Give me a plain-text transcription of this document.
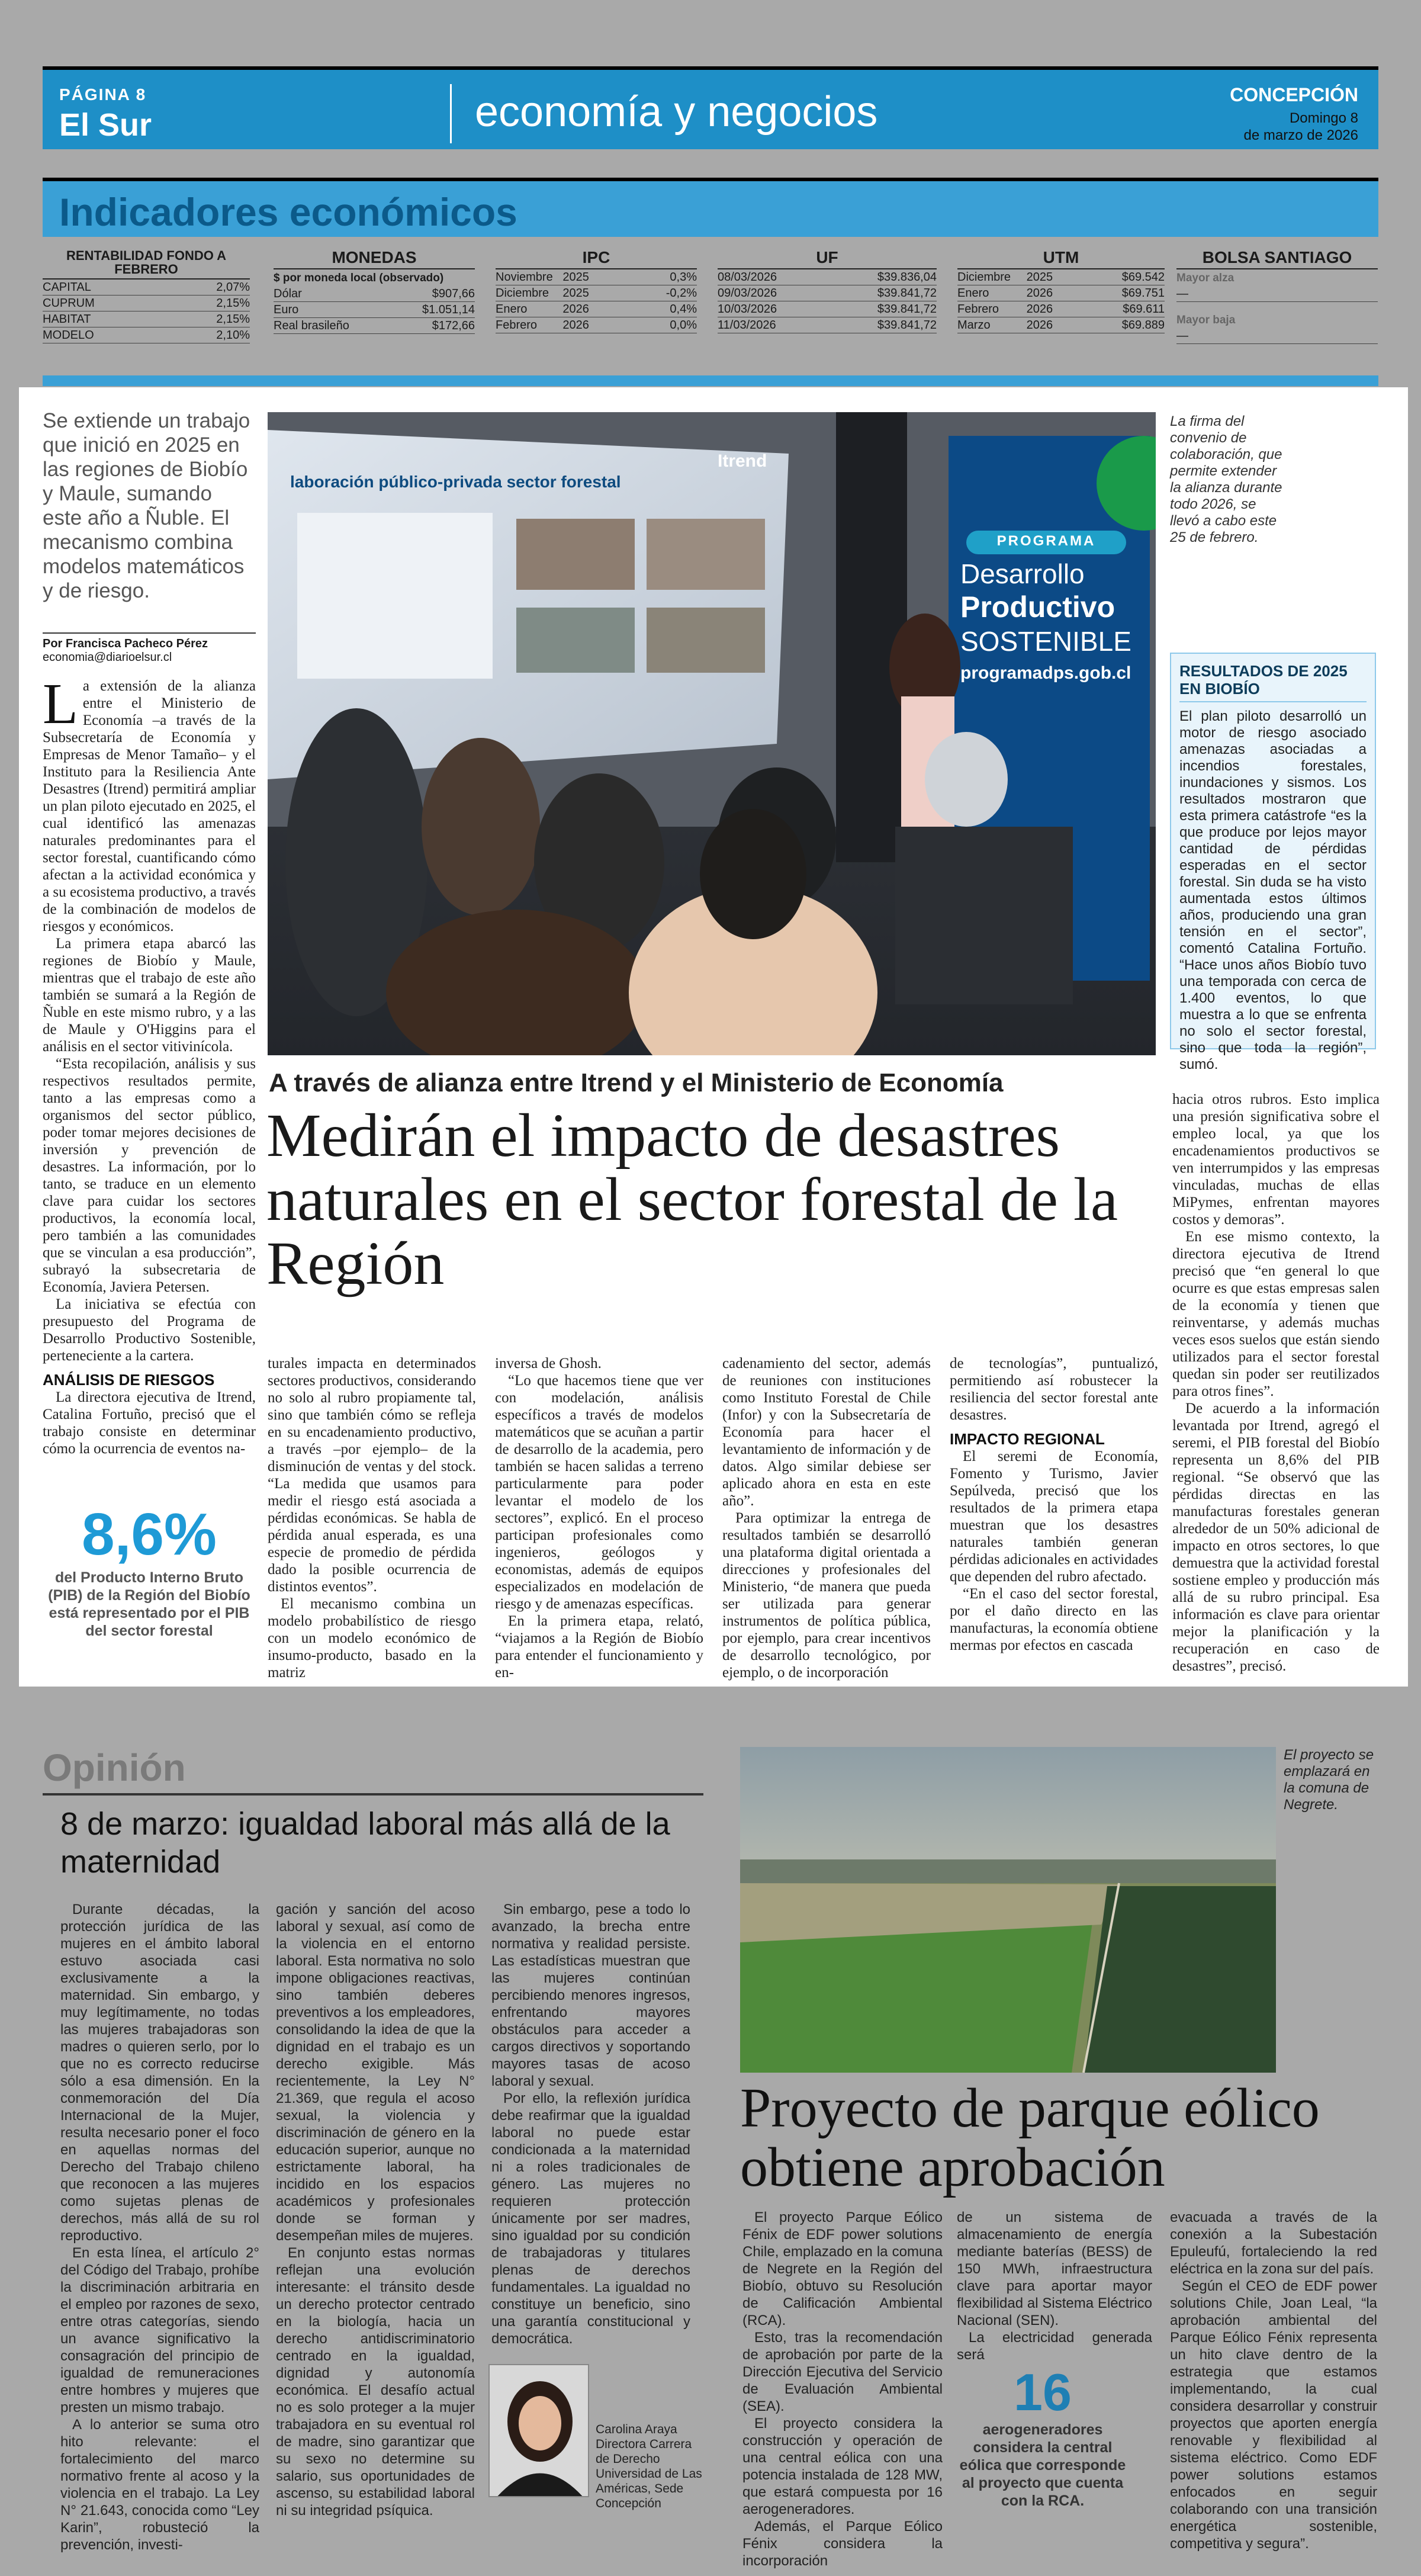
PÁGINA 8
El Sur	economía y negocios	CONCEPCIÓN
Domingo 8
de marzo de 2026
Indicadores económicos
RENTABILIDAD FONDO A FEBRERO
CAPITAL	2,07%
CUPRUM	2,15%
HABITAT	2,15%
MODELO	2,10%
MONEDAS
$ por moneda local (observado)
Dólar	$907,66
Euro	$1.051,14
Real brasileño	$172,66
IPC
Noviembre 2025	0,3%
Diciembre	2025	-0,2%
Enero	2026	0,4%
Febrero	2026	0,0%
UF
08/03/2026	$39.836,04
09/03/2026	$39.841,72
10/03/2026	$39.841,72
11/03/2026	$39.841,72
UTM
Diciembre	2025	$69.542
Enero	2026	$69.751
Febrero	2026	$69.611
Marzo	2026	$69.889
BOLSA SANTIAGO
Mayor alza
—
Mayor baja
—
Se extiende un trabajo que inició en 2025 en las regiones de Biobío y Maule, sumando este año a Ñuble. El mecanismo combina modelos matemáticos y de riesgo.
Por Francisca Pacheco Pérez
economia@diarioelsur.cl

La extensión de la alianza entre el Ministerio de Economía –a través de la Subsecretaría de Economía y Empresas de Menor Tamaño– y el Instituto para la Resiliencia Ante Desastres (Itrend) permitirá ampliar un plan piloto ejecutado en 2025, el cual identificó las amenazas naturales predominantes para el sector forestal, cuantificando cómo afectan a la actividad económica y a su ecosistema productivo, a través de la combinación de modelos de riesgos y económicos.

La primera etapa abarcó las regiones de Biobío y Maule, mientras que el trabajo de este año también se sumará a la Región de Ñuble en este mismo rubro, y a las de Maule y O'Higgins para el análisis en el sector vitivinícola.

“Esta recopilación, análisis y sus respectivos resultados permite, tanto a las empresas como a organismos del sector público, poder tomar mejores decisiones de inversión y prevención de desastres. La información, por lo tanto, se traduce en un elemento clave para cuidar los sectores productivos, la economía local, pero también a las comunidades que se vinculan a esa producción”, subrayó la subsecretaria de Economía, Javiera Petersen.

La iniciativa se efectúa con presupuesto del Programa de Desarrollo Productivo Sostenible, perteneciente a la cartera.

ANÁLISIS DE RIESGOS

La directora ejecutiva de Itrend, Catalina Fortuño, precisó que el trabajo consiste en determinar cómo la ocurrencia de eventos na-

8,6%
del Producto Interno Bruto (PIB) de la Región del Biobío está representado por el PIB del sector forestal
laboración público-privada sector forestal
Itrend
PROGRAMA
Desarrollo
Productivo
SOSTENIBLE
programadps.gob.cl
La firma del convenio de colaboración, que permite extender la alianza durante todo 2026, se llevó a cabo este 25 de febrero.
RESULTADOS DE 2025 EN BIOBÍO
El plan piloto desarrolló un motor de riesgo asociado amenazas asociadas a incendios forestales, inundaciones y sismos. Los resultados mostraron que esta primera catástrofe “es la que produce por lejos mayor cantidad de pérdidas esperadas en el sector forestal. Sin duda se ha visto aumentada estos últimos años, produciendo una gran tensión en el sector”, comentó Catalina Fortuño. “Hace unos años Biobío tuvo una temporada con cerca de 1.400 eventos, lo que muestra a lo que se enfrenta no solo el sector forestal, sino que toda la región”, sumó.
A través de alianza entre Itrend y el Ministerio de Economía
Medirán el impacto de desastres naturales en el sector forestal de la Región

turales impacta en determinados sectores productivos, considerando no solo al rubro propiamente tal, sino que también cómo se refleja en su encadenamiento productivo, a través –por ejemplo– de la disminución de ventas y del stock. “La medida que usamos para medir el riesgo está asociada a pérdidas económicas. Se habla de pérdida anual esperada, es una especie de promedio de pérdida dado la posible ocurrencia de distintos eventos”.

El mecanismo combina un modelo probabilístico de riesgo con un modelo económico de insumo-producto, basado en la matriz

inversa de Ghosh.

“Lo que hacemos tiene que ver con modelación, análisis específicos a través de modelos matemáticos que se acuñan a partir de desarrollo de la academia, pero también se hacen salidas a terreno particularmente para poder levantar el modelo de los sectores”, explicó. En el proceso participan profesionales como ingenieros, geólogos y economistas, además de equipos especializados en modelación de riesgo y de amenazas específicas.

En la primera etapa, relató, “viajamos a la Región de Biobío para entender el funcionamiento y en-

cadenamiento del sector, además de reuniones con instituciones como Instituto Forestal de Chile (Infor) y con la Subsecretaría de Economía para hacer el levantamiento de información y de datos. Algo similar debiese ser aplicado ahora en esta en este año”.

Para optimizar la entrega de resultados también se desarrolló una plataforma digital orientada a direcciones y profesionales del Ministerio, “de manera que pueda ser utilizada para generar instrumentos de política pública, por ejemplo, para crear incentivos de desarrollo tecnológico, por ejemplo, o de incorporación

de tecnologías”, puntualizó, permitiendo así robustecer la resiliencia del sector forestal ante desastres.

IMPACTO REGIONAL

El seremi de Economía, Fomento y Turismo, Javier Sepúlveda, precisó que los resultados de la primera etapa muestran que los desastres naturales también generan pérdidas adicionales en actividades que dependen del rubro afectado.

“En el caso del sector forestal, por el daño directo en las manufacturas, la economía obtiene mermas por efectos en cascada

hacia otros rubros. Esto implica una presión significativa sobre el empleo local, ya que los encadenamientos productivos se ven interrumpidos y las empresas vinculadas, muchas de ellas MiPymes, enfrentan mayores costos y demoras”.

En ese mismo contexto, la directora ejecutiva de Itrend precisó que “en general lo que ocurre es que estas empresas salen de la economía y tienen que reinventarse, y además muchas veces esos suelos que están siendo utilizados para el sector forestal quedan sin poder ser reutilizados para otros fines”.

De acuerdo a la información levantada por Itrend, agregó el seremi, el PIB forestal del Biobío representa un 8,6% del PIB regional. “Se observó que las pérdidas directas en las manufacturas forestales generan alrededor de un 50% adicional de impacto en otros sectores, lo que demuestra que la actividad forestal sostiene empleo y producción más allá de su rubro principal. Esa información es clave para orientar mejor la planificación y la recuperación en caso de desastres”, precisó.

Opinión
8 de marzo: igualdad laboral más allá de la maternidad

Durante décadas, la protección jurídica de las mujeres en el ámbito laboral estuvo asociada casi exclusivamente a la maternidad. Sin embargo, y muy legítimamente, no todas las mujeres trabajadoras son madres o quieren serlo, por lo que no es correcto reducirse sólo a esa dimensión. En la conmemoración del Día Internacional de la Mujer, resulta necesario poner el foco en aquellas normas del Derecho del Trabajo chileno que reconocen a las mujeres como sujetas plenas de derechos, más allá de su rol reproductivo.

En esta línea, el artículo 2° del Código del Trabajo, prohíbe la discriminación arbitraria en el empleo por razones de sexo, entre otras categorías, siendo un avance significativo la consagración del principio de igualdad de remuneraciones entre hombres y mujeres que presten un mismo trabajo.

A lo anterior se suma otro hito relevante: el fortalecimiento del marco normativo frente al acoso y la violencia en el trabajo. La Ley N° 21.643, conocida como “Ley Karin”, robusteció la prevención, investi-

gación y sanción del acoso laboral y sexual, así como de la violencia en el entorno laboral. Esta normativa no solo impone obligaciones reactivas, sino también deberes preventivos a los empleadores, consolidando la idea de que la dignidad en el trabajo es un derecho exigible. Más recientemente, la Ley N° 21.369, que regula el acoso sexual, la violencia y discriminación de género en la educación superior, aunque no estrictamente laboral, ha incidido en los espacios académicos y profesionales donde se forman y desempeñan miles de mujeres.

En conjunto estas normas reflejan una evolución interesante: el tránsito desde un derecho protector centrado en la biología, hacia un derecho antidiscriminatorio centrado en la igualdad, dignidad y autonomía económica. El desafío actual no es solo proteger a la mujer trabajadora en su eventual rol de madre, sino garantizar que su sexo no determine su salario, sus oportunidades de ascenso, su estabilidad laboral ni su integridad psíquica.

Sin embargo, pese a todo lo avanzado, la brecha entre normativa y realidad persiste. Las estadísticas muestran que las mujeres continúan percibiendo menores ingresos, enfrentando mayores obstáculos para acceder a cargos directivos y soportando mayores tasas de acoso laboral y sexual.

Por ello, la reflexión jurídica debe reafirmar que la igualdad laboral no puede estar condicionada a la maternidad ni a roles tradicionales de género. Las mujeres no requieren protección únicamente por ser madres, sino igualdad por su condición de trabajadoras y titulares plenas de derechos fundamentales. La igualdad no constituye un beneficio, sino una garantía constitucional y democrática.

Carolina Araya
Directora Carrera de Derecho Universidad de Las Américas, Sede Concepción
El proyecto se emplazará en la comuna de Negrete.
Proyecto de parque eólico obtiene aprobación

El proyecto Parque Eólico Fénix de EDF power solutions Chile, emplazado en la comuna de Negrete en la Región del Biobío, obtuvo su Resolución de Calificación Ambiental (RCA).

Esto, tras la recomendación de aprobación por parte de la Dirección Ejecutiva del Servicio de Evaluación Ambiental (SEA).

El proyecto considera la construcción y operación de una central eólica con una potencia instalada de 128 MW, que estará compuesta por 16 aerogeneradores.

Además, el Parque Eólico Fénix considera la incorporación

de un sistema de almacenamiento de energía mediante baterías (BESS) de 150 MWh, infraestructura clave para aportar mayor flexibilidad al Sistema Eléctrico Nacional (SEN).

La electricidad generada será

16
aerogeneradores considera la central eólica que corresponde al proyecto que cuenta con la RCA.

evacuada a través de la conexión a la Subestación Epuleufú, fortaleciendo la red eléctrica en la zona sur del país.

Según el CEO de EDF power solutions Chile, Joan Leal, “la aprobación ambiental del Parque Eólico Fénix representa un hito clave dentro de la estrategia que estamos implementando, la cual considera desarrollar y construir proyectos que aporten energía renovable y flexibilidad al sistema eléctrico. Como EDF power solutions estamos enfocados en seguir colaborando con una transición energética sostenible, competitiva y segura”.
